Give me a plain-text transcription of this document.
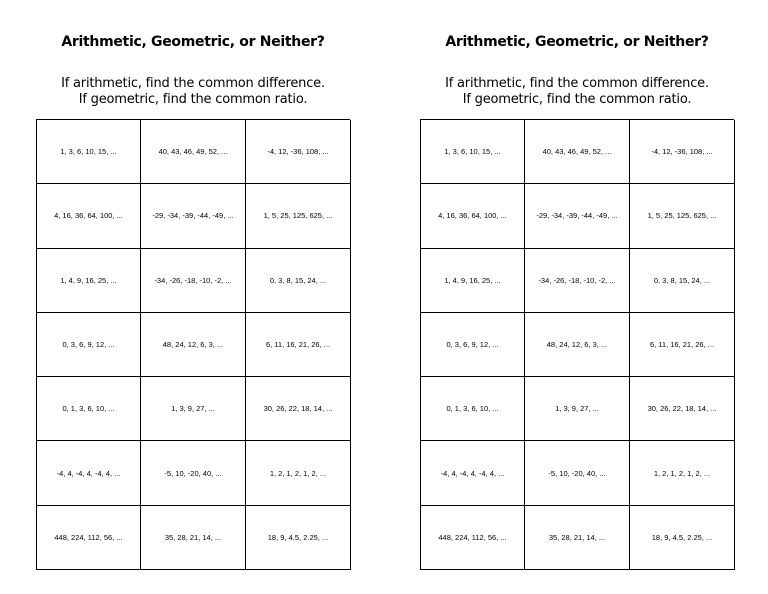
Arithmetic, Geometric, or Neither?
If arithmetic, find the common difference.
If geometric, find the common ratio.
1, 3, 6, 10, 15, ...	40, 43, 46, 49, 52, ...	-4, 12, -36, 108, ...
4, 16, 36, 64, 100, ...	-29, -34, -39, -44, -49, ...	1, 5, 25, 125, 625, ...
1, 4, 9, 16, 25, ...	-34, -26, -18, -10, -2, ...	0, 3, 8, 15, 24, ...
0, 3, 6, 9, 12, ...	48, 24, 12, 6, 3, ...	6, 11, 16, 21, 26, ...
0, 1, 3, 6, 10, ...	1, 3, 9, 27, ...	30, 26, 22, 18, 14, ...
-4, 4, -4, 4, -4, 4, ...	-5, 10, -20, 40, ...	1, 2, 1, 2, 1, 2, ...
448, 224, 112, 56, ...	35, 28, 21, 14, ...	18, 9, 4.5, 2.25, ...
Arithmetic, Geometric, or Neither?
If arithmetic, find the common difference.
If geometric, find the common ratio.
1, 3, 6, 10, 15, ...	40, 43, 46, 49, 52, ...	-4, 12, -36, 108, ...
4, 16, 36, 64, 100, ...	-29, -34, -39, -44, -49, ...	1, 5, 25, 125, 625, ...
1, 4, 9, 16, 25, ...	-34, -26, -18, -10, -2, ...	0, 3, 8, 15, 24, ...
0, 3, 6, 9, 12, ...	48, 24, 12, 6, 3, ...	6, 11, 16, 21, 26, ...
0, 1, 3, 6, 10, ...	1, 3, 9, 27, ...	30, 26, 22, 18, 14, ...
-4, 4, -4, 4, -4, 4, ...	-5, 10, -20, 40, ...	1, 2, 1, 2, 1, 2, ...
448, 224, 112, 56, ...	35, 28, 21, 14, ...	18, 9, 4.5, 2.25, ...
